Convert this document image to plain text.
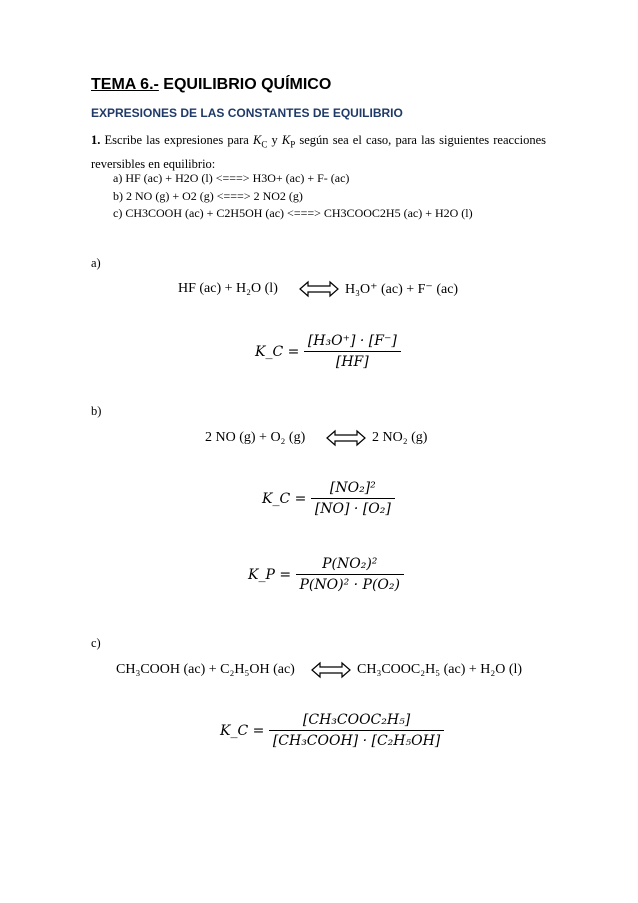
TEMA 6.- EQUILIBRIO QUÍMICO
EXPRESIONES DE LAS CONSTANTES DE EQUILIBRIO
1. Escribe las expresiones para $K_C$ y $K_P$ según sea el caso, para las siguientes reacciones reversibles en equilibrio:
a) HF (ac) + H2O (l) <===> H3O+ (ac) + F- (ac)
b) 2 NO (g) + O2 (g) <===> 2 NO2 (g)
c) CH3COOH (ac) + C2H5OH (ac) <===> CH3COOC2H5 (ac) + H2O (l)
a)
HF (ac) + H₂O (l)	H₃O⁺ (ac) + F⁻ (ac)
K_C = $\frac{\text{[H₃O⁺] · [F⁻]}}{[HF]}$
b)
2 NO (g) + O₂ (g)	2 NO₂ (g)
K_C = $\frac{\text{[NO₂]²}}{\text{[NO] · [O₂]}}$
K_P = $\frac{\text{P(NO₂)²}}{\text{P(NO)² · P(O₂)}}$
c)
CH₃COOH (ac) + C₂H₅OH (ac)	CH₃COOC₂H₅ (ac) + H₂O (l)
K_C = $\frac{\text{[CH₃COOC₂H₅]}}{\text{[CH₃COOH] · [C₂H₅OH]}}$
